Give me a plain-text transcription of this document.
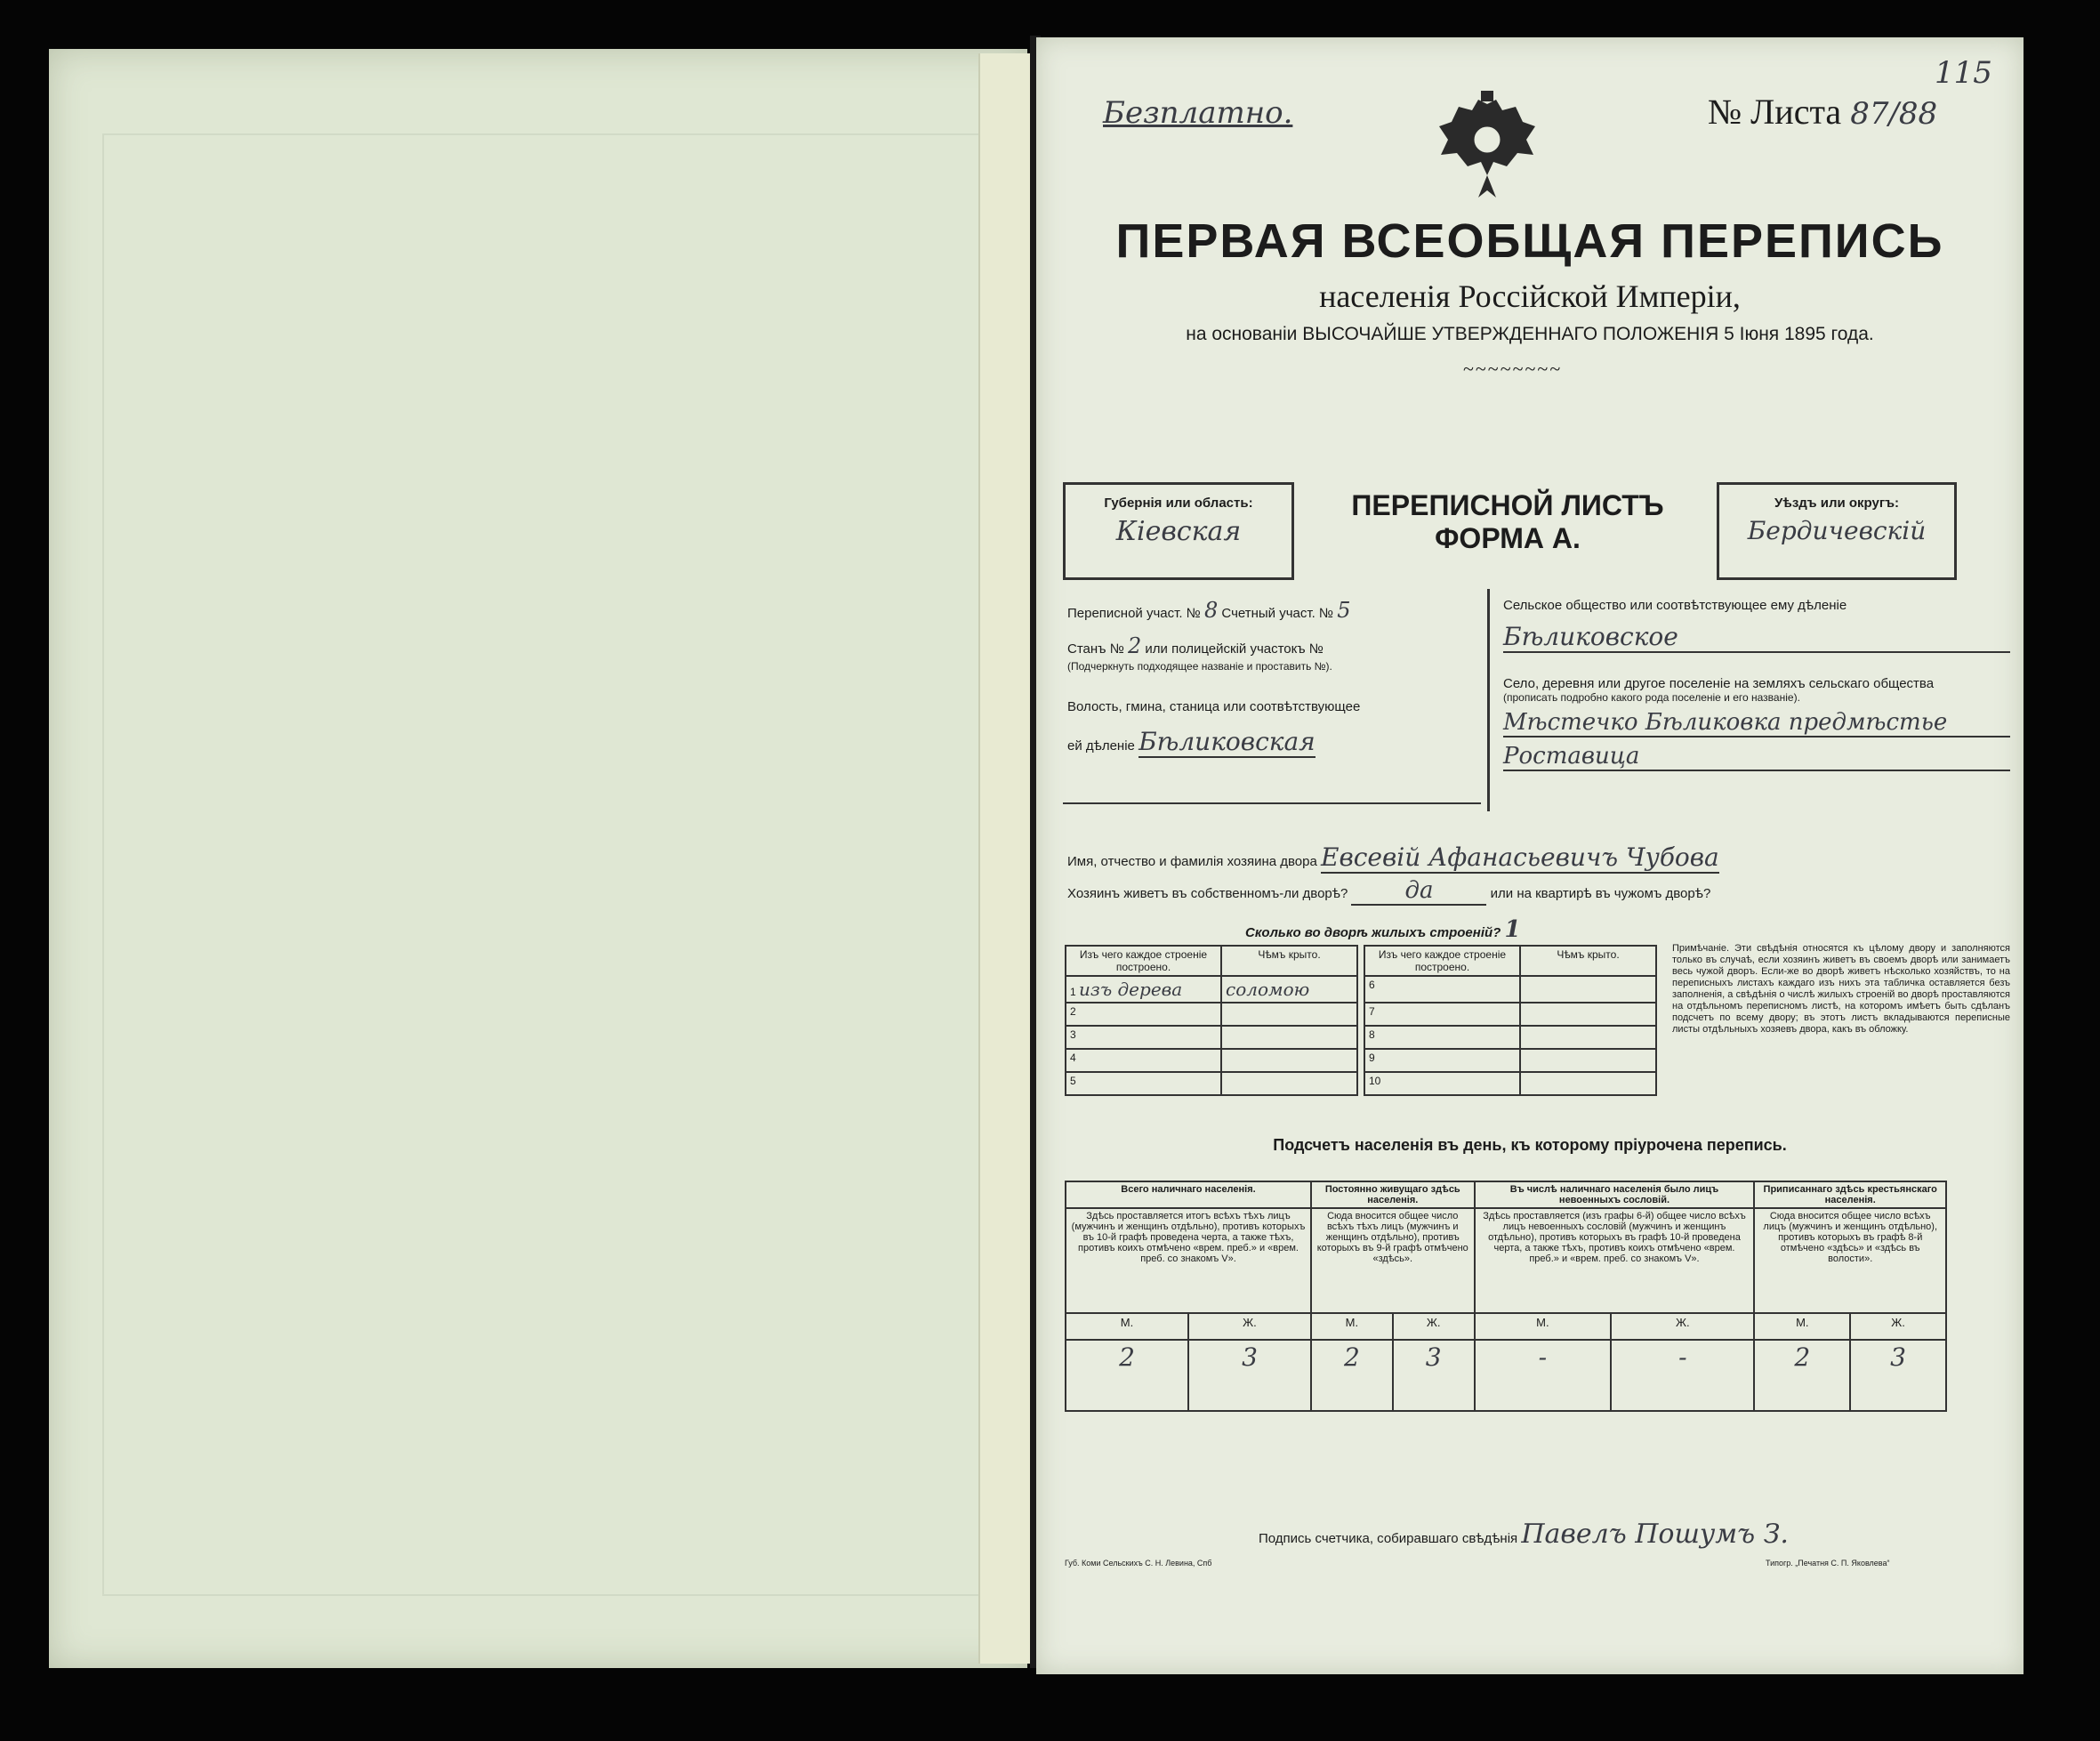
Безплатно.	№ Листа 87/88
115
ПЕРВАЯ ВСЕОБЩАЯ ПЕРЕПИСЬ
населенія Россійской Имперіи,
на основаніи ВЫСОЧАЙШЕ УТВЕРЖДЕННАГО ПОЛОЖЕНІЯ 5 Іюня 1895 года.
~~~~~~~~
Губернія или область:
Кіевская
ПЕРЕПИСНОЙ ЛИСТЪ
ФОРМА А.
Уѣздъ или округъ:
Бердичевскій
Переписной участ. № 8 Счетный участ. № 5
Станъ № 2 или полицейскій участокъ №
(Подчеркнуть подходящее названіе и проставить №).
Волость, гмина, станица или соотвѣтствующее
ей дѣленіе Бѣликовская
Сельское общество или соотвѣтствующее ему дѣленіе
Бѣликовское
Село, деревня или другое поселеніе на земляхъ сельскаго общества
(прописать подробно какого рода поселеніе и его названіе).
Мѣстечко Бѣликовка предмѣстье
Роставица
Имя, отчество и фамилія хозяина двора Евсевій Афанасьевичъ Чубова
Хозяинъ живетъ въ собственномъ-ли дворѣ? да	или на квартирѣ въ чужомъ дворѣ?
Сколько во дворѣ жилыхъ строеній? 1
Изъ чего каждое строеніе построено.	Чѣмъ крыто.
1 изъ дерева	соломою
2	
3	
4	
5	
Изъ чего каждое строеніе построено.	Чѣмъ крыто.
6	
7	
8	
9	
10	
Примѣчаніе. Эти свѣдѣнія относятся къ цѣлому двору и заполняются только въ случаѣ, если хозяинъ живетъ въ своемъ дворѣ или занимаетъ весь чужой дворъ. Если-же во дворѣ живетъ нѣсколько хозяйствъ, то на переписныхъ листахъ каждаго изъ нихъ эта табличка оставляется безъ заполненія, а свѣдѣнія о числѣ жилыхъ строеній во дворѣ проставляются на отдѣльномъ переписномъ листѣ, на которомъ имѣетъ быть сдѣланъ подсчетъ по всему двору; въ этотъ листъ вкладываются переписные листы отдѣльныхъ хозяевъ двора, какъ въ обложку.
Подсчетъ населенія въ день, къ которому пріурочена перепись.
Всего наличнаго населенія.		Постоянно живущаго здѣсь населенія.		Въ числѣ наличнаго населенія было лицъ невоенныхъ сословій.		Приписаннаго здѣсь крестьянскаго населенія.	
Здѣсь проставляется итогъ всѣхъ тѣхъ лицъ (мужчинъ и женщинъ отдѣльно), противъ которыхъ въ 10-й графѣ проведена черта, а также тѣхъ, противъ коихъ отмѣчено «врем. преб.» и «врем. преб. со знакомъ V».		Сюда вносится общее число всѣхъ тѣхъ лицъ (мужчинъ и женщинъ отдѣльно), противъ которыхъ въ 9-й графѣ отмѣчено «здѣсь».		Здѣсь проставляется (изъ графы 6-й) общее число всѣхъ лицъ невоенныхъ сословій (мужчинъ и женщинъ отдѣльно), противъ которыхъ въ графѣ 10-й проведена черта, а также тѣхъ, противъ коихъ отмѣчено «врем. преб.» и «врем. преб. со знакомъ V».		Сюда вносится общее число всѣхъ лицъ (мужчинъ и женщинъ отдѣльно), противъ которыхъ въ графѣ 8-й отмѣчено «здѣсь» и «здѣсь въ волости».	
М.	Ж.	М.	Ж.	М.	Ж.	М.	Ж.
2	3	2	3	-	-	2	3
Подпись счетчика, собиравшаго свѣдѣнія Павелъ Пошумъ З.
Губ. Коми Сельскихъ С. Н. Левина, Спб	Типогр. „Печатня С. П. Яковлева“
